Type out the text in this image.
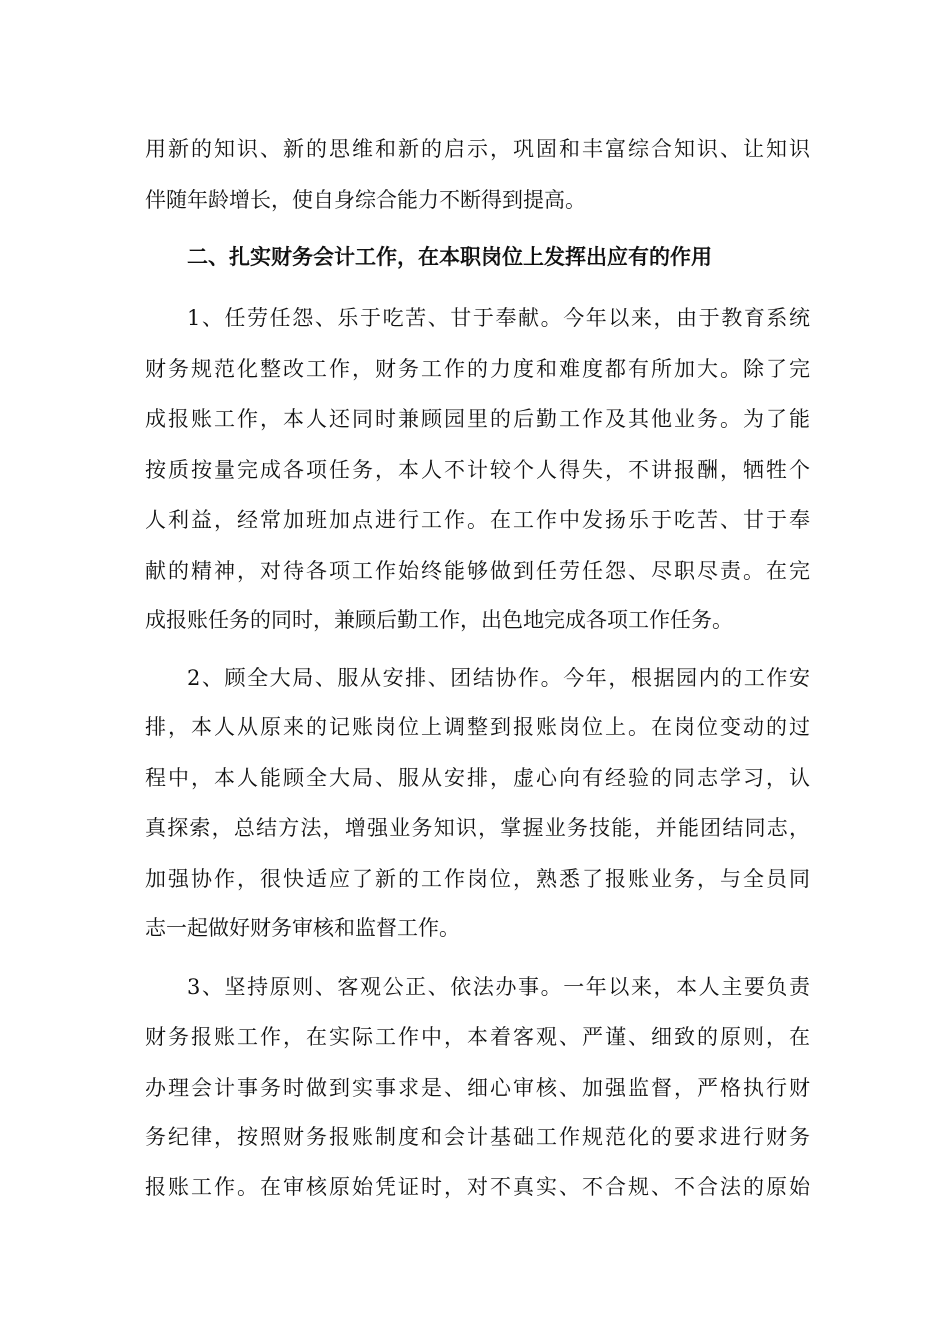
用新的知识、新的思维和新的启示，巩固和丰富综合知识、让知识
伴随年龄增长，使自身综合能力不断得到提高。
二、扎实财务会计工作，在本职岗位上发挥出应有的作用
1、任劳任怨、乐于吃苦、甘于奉献。今年以来，由于教育系统
财务规范化整改工作，财务工作的力度和难度都有所加大。除了完
成报账工作，本人还同时兼顾园里的后勤工作及其他业务。为了能
按质按量完成各项任务，本人不计较个人得失，不讲报酬，牺牲个
人利益，经常加班加点进行工作。在工作中发扬乐于吃苦、甘于奉
献的精神，对待各项工作始终能够做到任劳任怨、尽职尽责。在完
成报账任务的同时，兼顾后勤工作，出色地完成各项工作任务。
2、顾全大局、服从安排、团结协作。今年，根据园内的工作安
排，本人从原来的记账岗位上调整到报账岗位上。在岗位变动的过
程中，本人能顾全大局、服从安排，虚心向有经验的同志学习，认
真探索，总结方法，增强业务知识，掌握业务技能，并能团结同志，
加强协作，很快适应了新的工作岗位，熟悉了报账业务，与全员同
志一起做好财务审核和监督工作。
3、坚持原则、客观公正、依法办事。一年以来，本人主要负责
财务报账工作，在实际工作中，本着客观、严谨、细致的原则，在
办理会计事务时做到实事求是、细心审核、加强监督，严格执行财
务纪律，按照财务报账制度和会计基础工作规范化的要求进行财务
报账工作。在审核原始凭证时，对不真实、不合规、不合法的原始
